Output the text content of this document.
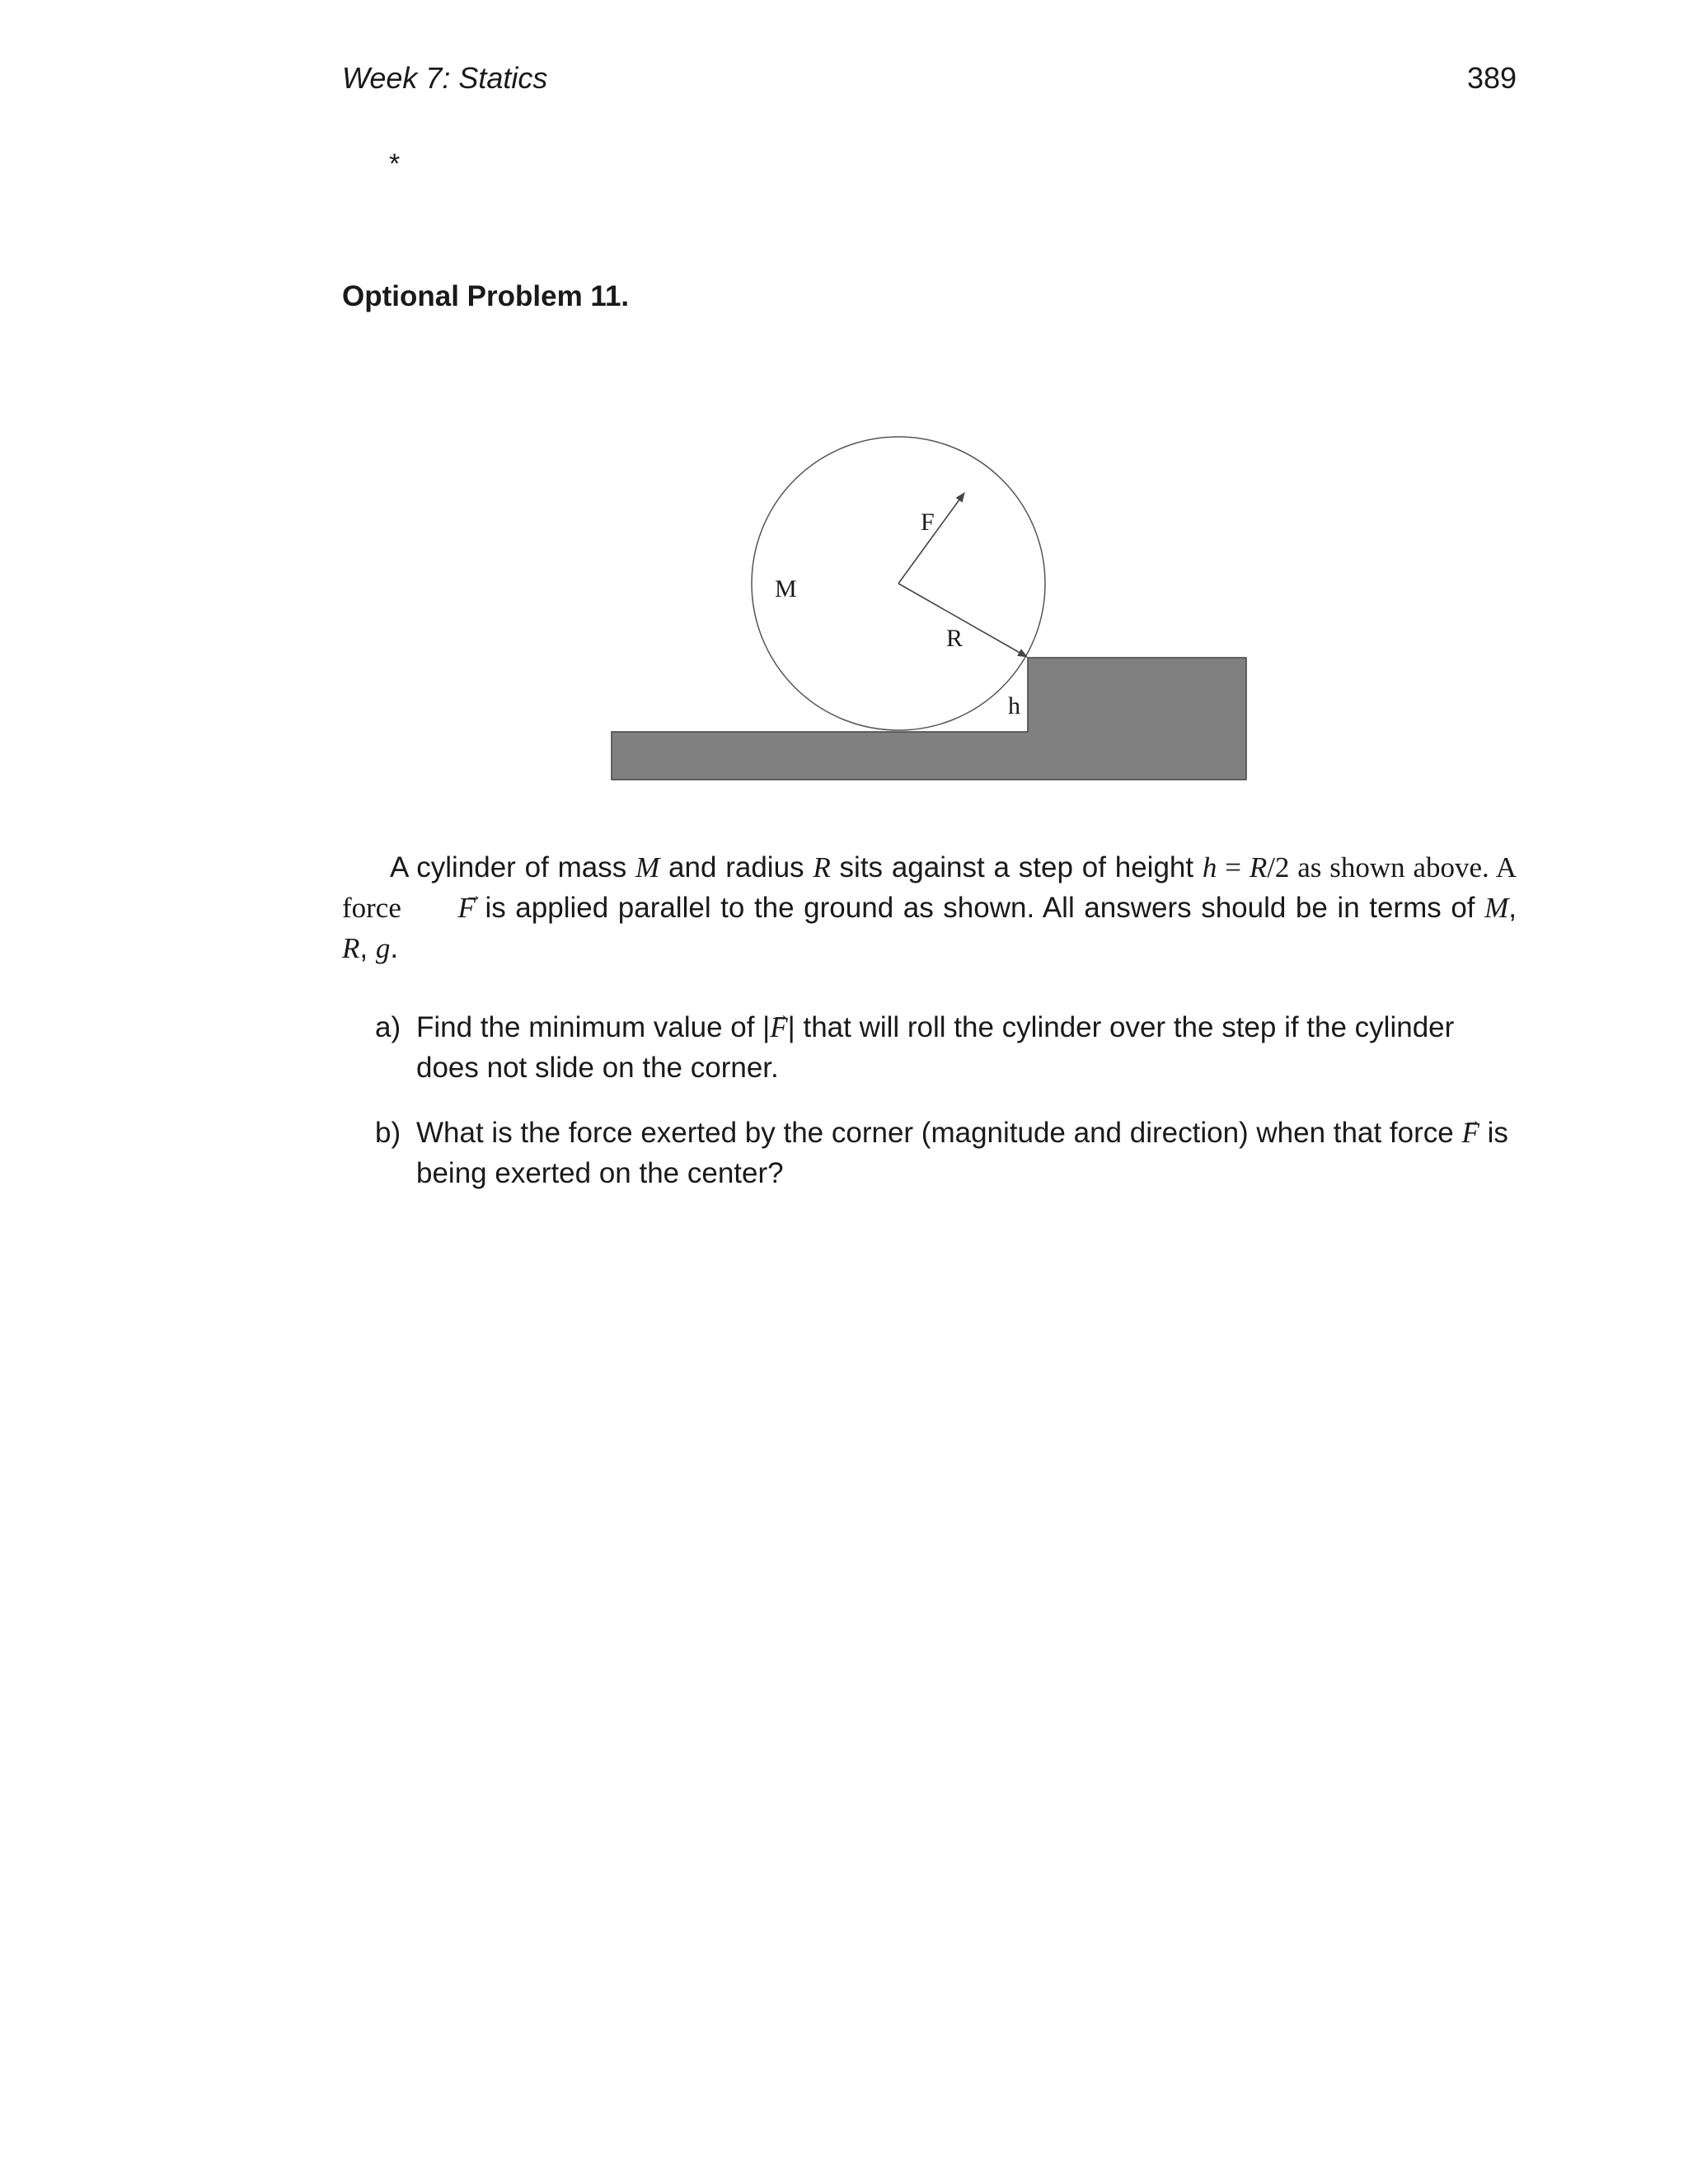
Week 7: Statics	389
*
Optional Problem 11.
M
F
R
h
A cylinder of mass M and radius R sits against a step of height h = R/2 as shown above. A force → F is applied parallel to the ground as shown. All answers should be in terms of M, R, g.
a) Find the minimum value of |→ F| that will roll the cylinder over the step if the cylinder does not slide on the corner.
b) What is the force exerted by the corner (magnitude and direction) when that force → F is being exerted on the center?
